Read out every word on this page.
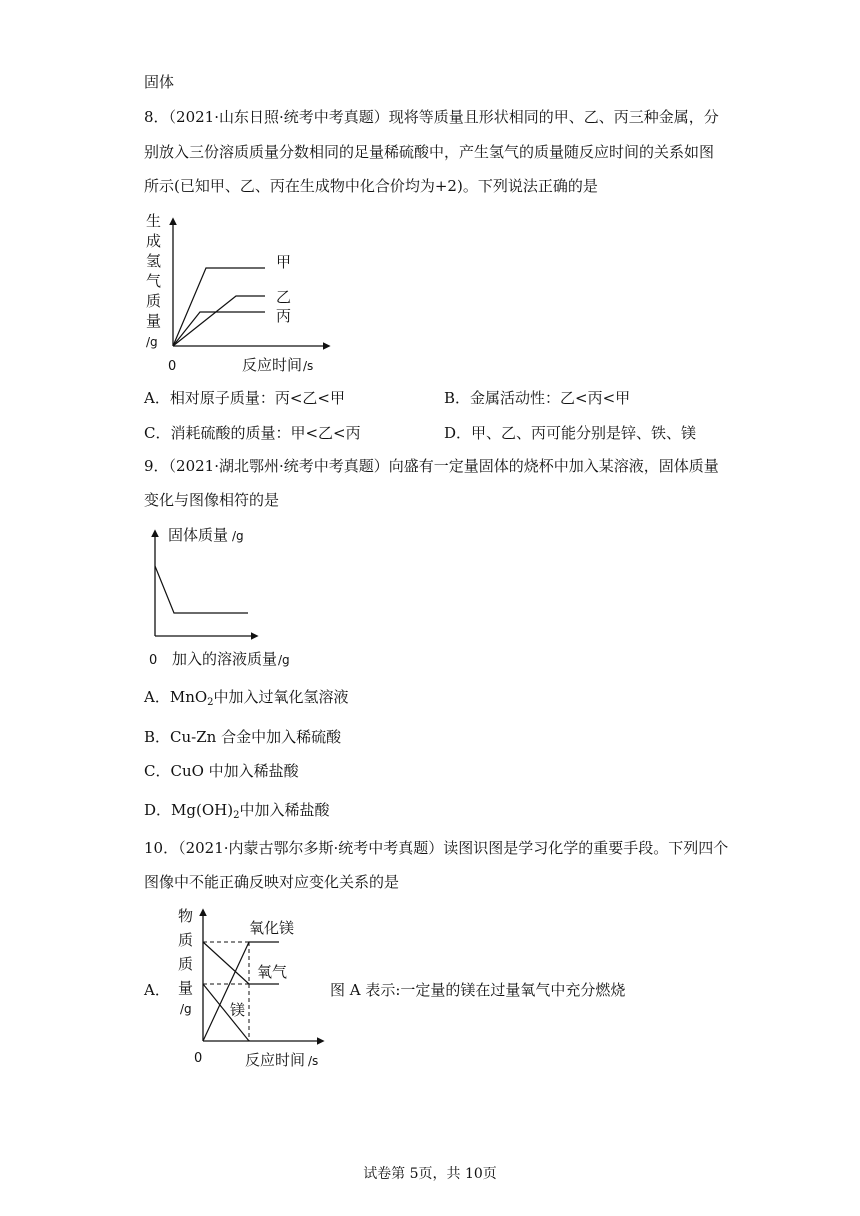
固体
8．（2021·山东日照·统考中考真题）现将等质量且形状相同的甲、乙、丙三种金属，分
别放入三份溶质质量分数相同的足量稀硫酸中，产生氢气的质量随反应时间的关系如图
所示(已知甲、乙、丙在生成物中化合价均为+2)。下列说法正确的是
生
成
氢
气
质
量
/g
0	反应时间 /s
甲
乙
丙
A．相对原子质量：丙<乙<甲	B．金属活动性：乙<丙<甲
C．消耗硫酸的质量：甲<乙<丙	D．甲、乙、丙可能分别是锌、铁、镁
9．（2021·湖北鄂州·统考中考真题）向盛有一定量固体的烧杯中加入某溶液，固体质量
变化与图像相符的是
固体质量 /g
0 加入的溶液质量 /g
A．MnO$_2$中加入过氧化氢溶液
B．Cu-Zn 合金中加入稀硫酸
C．CuO 中加入稀盐酸
D．$Mg(OH)_2$中加入稀盐酸
10．（2021·内蒙古鄂尔多斯·统考中考真题）读图识图是学习化学的重要手段。下列四个
图像中不能正确反映对应变化关系的是
A．
物
质
质
量
/g
氧化镁
氧气
镁
0	反应时间 /s
图 A 表示:一定量的镁在过量氧气中充分燃烧
试卷第 5页，共 10页
